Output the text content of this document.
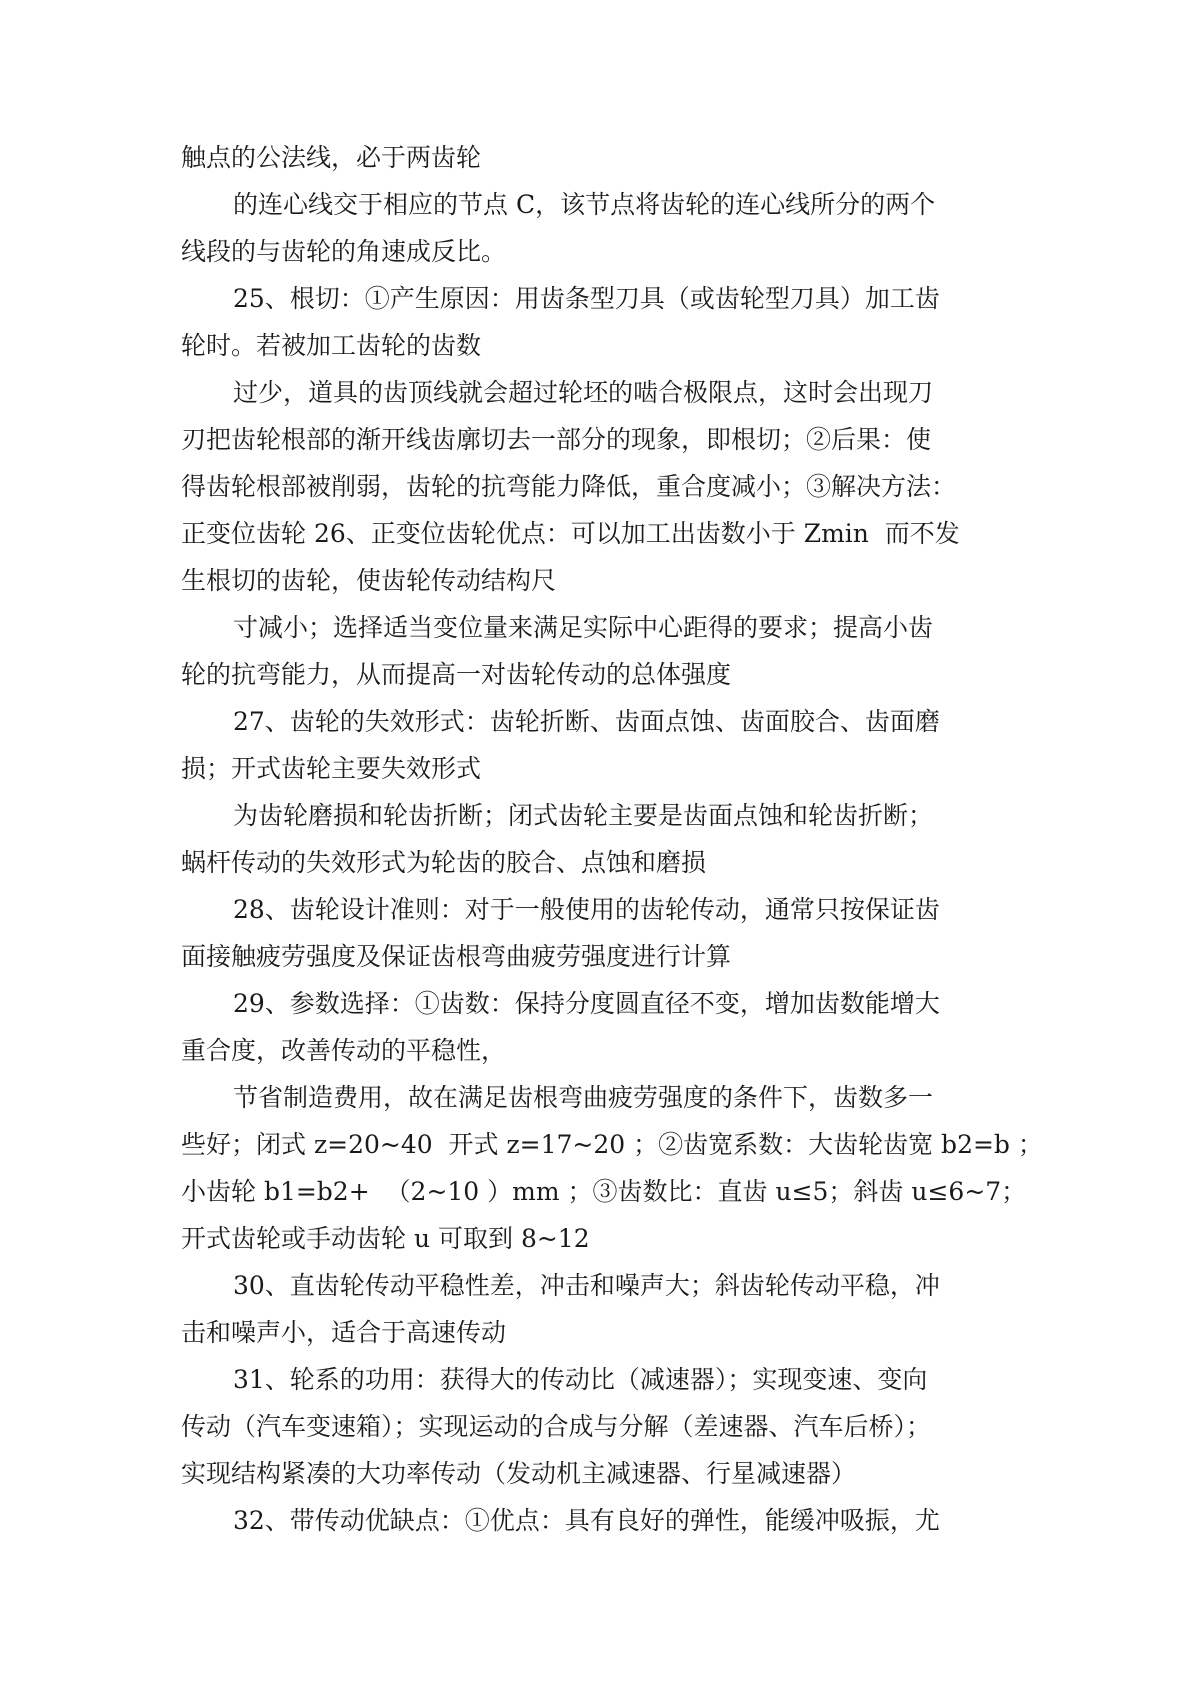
触点的公法线，必于两齿轮

的连心线交于相应的节点 C，该节点将齿轮的连心线所分的两个

线段的与齿轮的角速成反比。

25、根切：①产生原因：用齿条型刀具（或齿轮型刀具）加工齿

轮时。若被加工齿轮的齿数

过少，道具的齿顶线就会超过轮坯的啮合极限点，这时会出现刀

刃把齿轮根部的渐开线齿廓切去一部分的现象，即根切；②后果：使

得齿轮根部被削弱，齿轮的抗弯能力降低，重合度减小；③解决方法：

正变位齿轮 26、正变位齿轮优点：可以加工出齿数小于 Zmin  而不发

生根切的齿轮，使齿轮传动结构尺

寸减小；选择适当变位量来满足实际中心距得的要求；提高小齿

轮的抗弯能力，从而提高一对齿轮传动的总体强度

27、齿轮的失效形式：齿轮折断、齿面点蚀、齿面胶合、齿面磨

损；开式齿轮主要失效形式

为齿轮磨损和轮齿折断；闭式齿轮主要是齿面点蚀和轮齿折断；

蜗杆传动的失效形式为轮齿的胶合、点蚀和磨损

28、齿轮设计准则：对于一般使用的齿轮传动，通常只按保证齿

面接触疲劳强度及保证齿根弯曲疲劳强度进行计算

29、参数选择：①齿数：保持分度圆直径不变，增加齿数能增大

重合度，改善传动的平稳性，

节省制造费用，故在满足齿根弯曲疲劳强度的条件下，齿数多一

些好；闭式 z=20~40  开式 z=17~20 ；②齿宽系数：大齿轮齿宽 b2=b ；

小齿轮 b1=b2+  （2~10 ）mm ；③齿数比：直齿 u≤5；斜齿 u≤6~7；

开式齿轮或手动齿轮 u 可取到 8~12

30、直齿轮传动平稳性差，冲击和噪声大；斜齿轮传动平稳，冲

击和噪声小，适合于高速传动

31、轮系的功用：获得大的传动比（减速器）；实现变速、变向

传动（汽车变速箱）；实现运动的合成与分解（差速器、汽车后桥）；

实现结构紧凑的大功率传动（发动机主减速器、行星减速器）

32、带传动优缺点：①优点：具有良好的弹性，能缓冲吸振，尤
